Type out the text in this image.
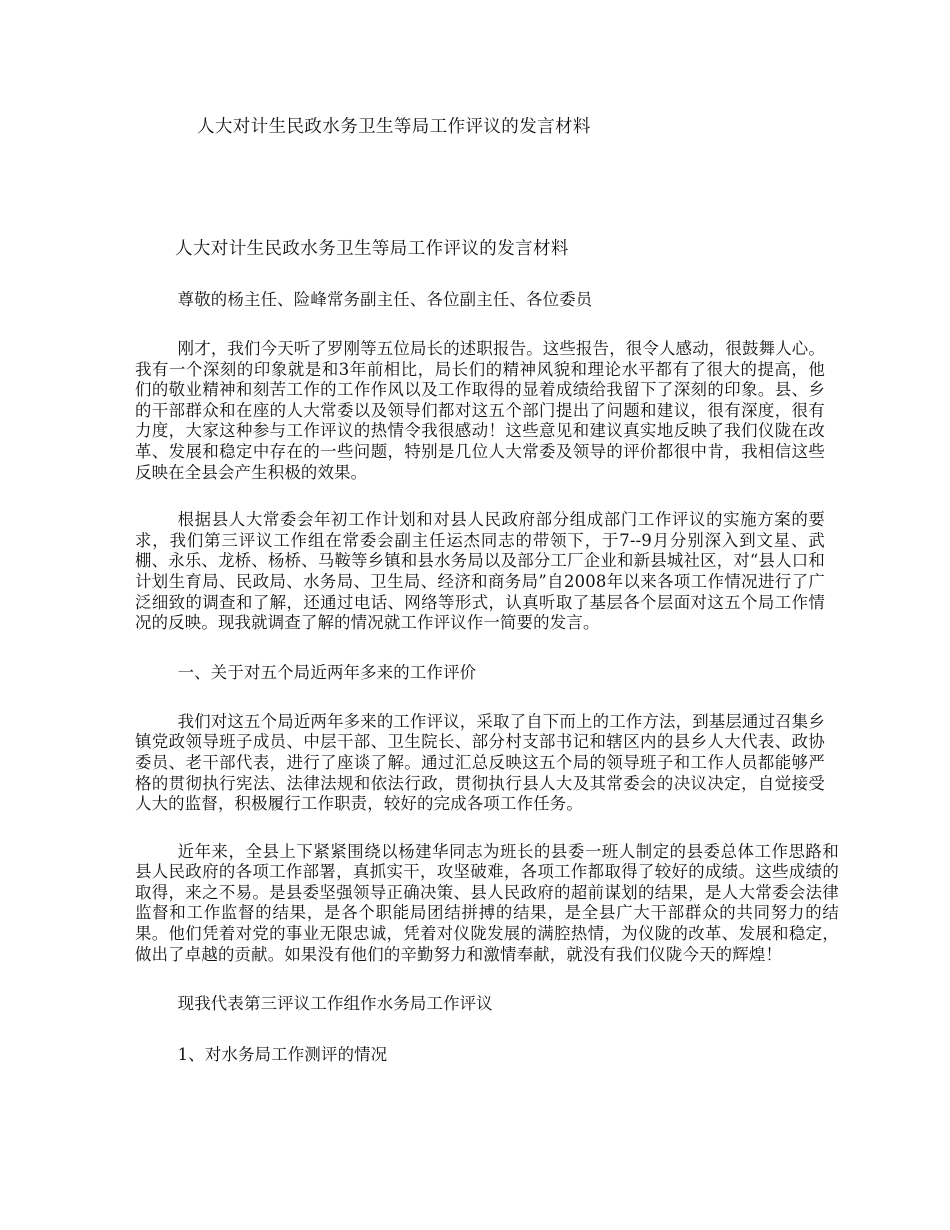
人大对计生民政水务卫生等局工作评议的发言材料
人大对计生民政水务卫生等局工作评议的发言材料

尊敬的杨主任、险峰常务副主任、各位副主任、各位委员

刚才，我们今天听了罗刚等五位局长的述职报告。这些报告，很令人感动，很鼓舞人心。我有一个深刻的印象就是和3年前相比，局长们的精神风貌和理论水平都有了很大的提高，他们的敬业精神和刻苦工作的工作作风以及工作取得的显着成绩给我留下了深刻的印象。县、乡的干部群众和在座的人大常委以及领导们都对这五个部门提出了问题和建议，很有深度，很有力度，大家这种参与工作评议的热情令我很感动！这些意见和建议真实地反映了我们仪陇在改革、发展和稳定中存在的一些问题，特别是几位人大常委及领导的评价都很中肯，我相信这些反映在全县会产生积极的效果。

根据县人大常委会年初工作计划和对县人民政府部分组成部门工作评议的实施方案的要求，我们第三评议工作组在常委会副主任运杰同志的带领下，于7--9月分别深入到文星、武棚、永乐、龙桥、杨桥、马鞍等乡镇和县水务局以及部分工厂企业和新县城社区，对“县人口和计划生育局、民政局、水务局、卫生局、经济和商务局”自2008年以来各项工作情况进行了广泛细致的调查和了解，还通过电话、网络等形式，认真听取了基层各个层面对这五个局工作情况的反映。现我就调查了解的情况就工作评议作一简要的发言。

一、关于对五个局近两年多来的工作评价

我们对这五个局近两年多来的工作评议，采取了自下而上的工作方法，到基层通过召集乡镇党政领导班子成员、中层干部、卫生院长、部分村支部书记和辖区内的县乡人大代表、政协委员、老干部代表，进行了座谈了解。通过汇总反映这五个局的领导班子和工作人员都能够严格的贯彻执行宪法、法律法规和依法行政，贯彻执行县人大及其常委会的决议决定，自觉接受人大的监督，积极履行工作职责，较好的完成各项工作任务。

近年来，全县上下紧紧围绕以杨建华同志为班长的县委一班人制定的县委总体工作思路和县人民政府的各项工作部署，真抓实干，攻坚破难，各项工作都取得了较好的成绩。这些成绩的取得，来之不易。是县委坚强领导正确决策、县人民政府的超前谋划的结果，是人大常委会法律监督和工作监督的结果，是各个职能局团结拼搏的结果，是全县广大干部群众的共同努力的结果。他们凭着对党的事业无限忠诚，凭着对仪陇发展的满腔热情，为仪陇的改革、发展和稳定，做出了卓越的贡献。如果没有他们的辛勤努力和激情奉献，就没有我们仪陇今天的辉煌！

现我代表第三评议工作组作水务局工作评议

1、对水务局工作测评的情况
